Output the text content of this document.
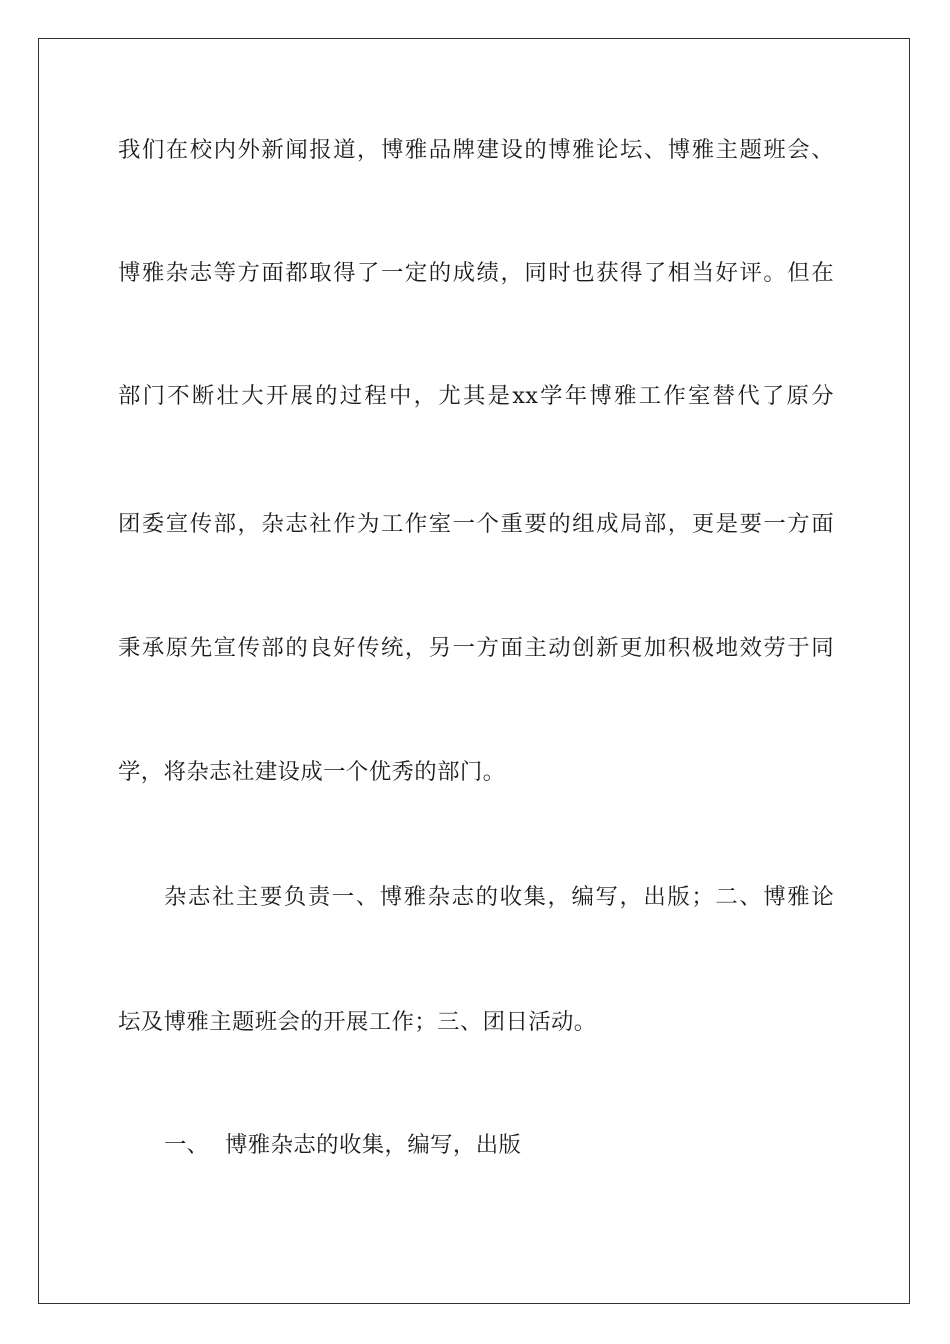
我们在校内外新闻报道，博雅品牌建设的博雅论坛、博雅主题班会、
博雅杂志等方面都取得了一定的成绩，同时也获得了相当好评。但在
部门不断壮大开展的过程中，尤其是xx学年博雅工作室替代了原分
团委宣传部，杂志社作为工作室一个重要的组成局部，更是要一方面
秉承原先宣传部的良好传统，另一方面主动创新更加积极地效劳于同
学，将杂志社建设成一个优秀的部门。
杂志社主要负责一、博雅杂志的收集，编写，出版；二、博雅论
坛及博雅主题班会的开展工作；三、团日活动。
一、 博雅杂志的收集，编写，出版
